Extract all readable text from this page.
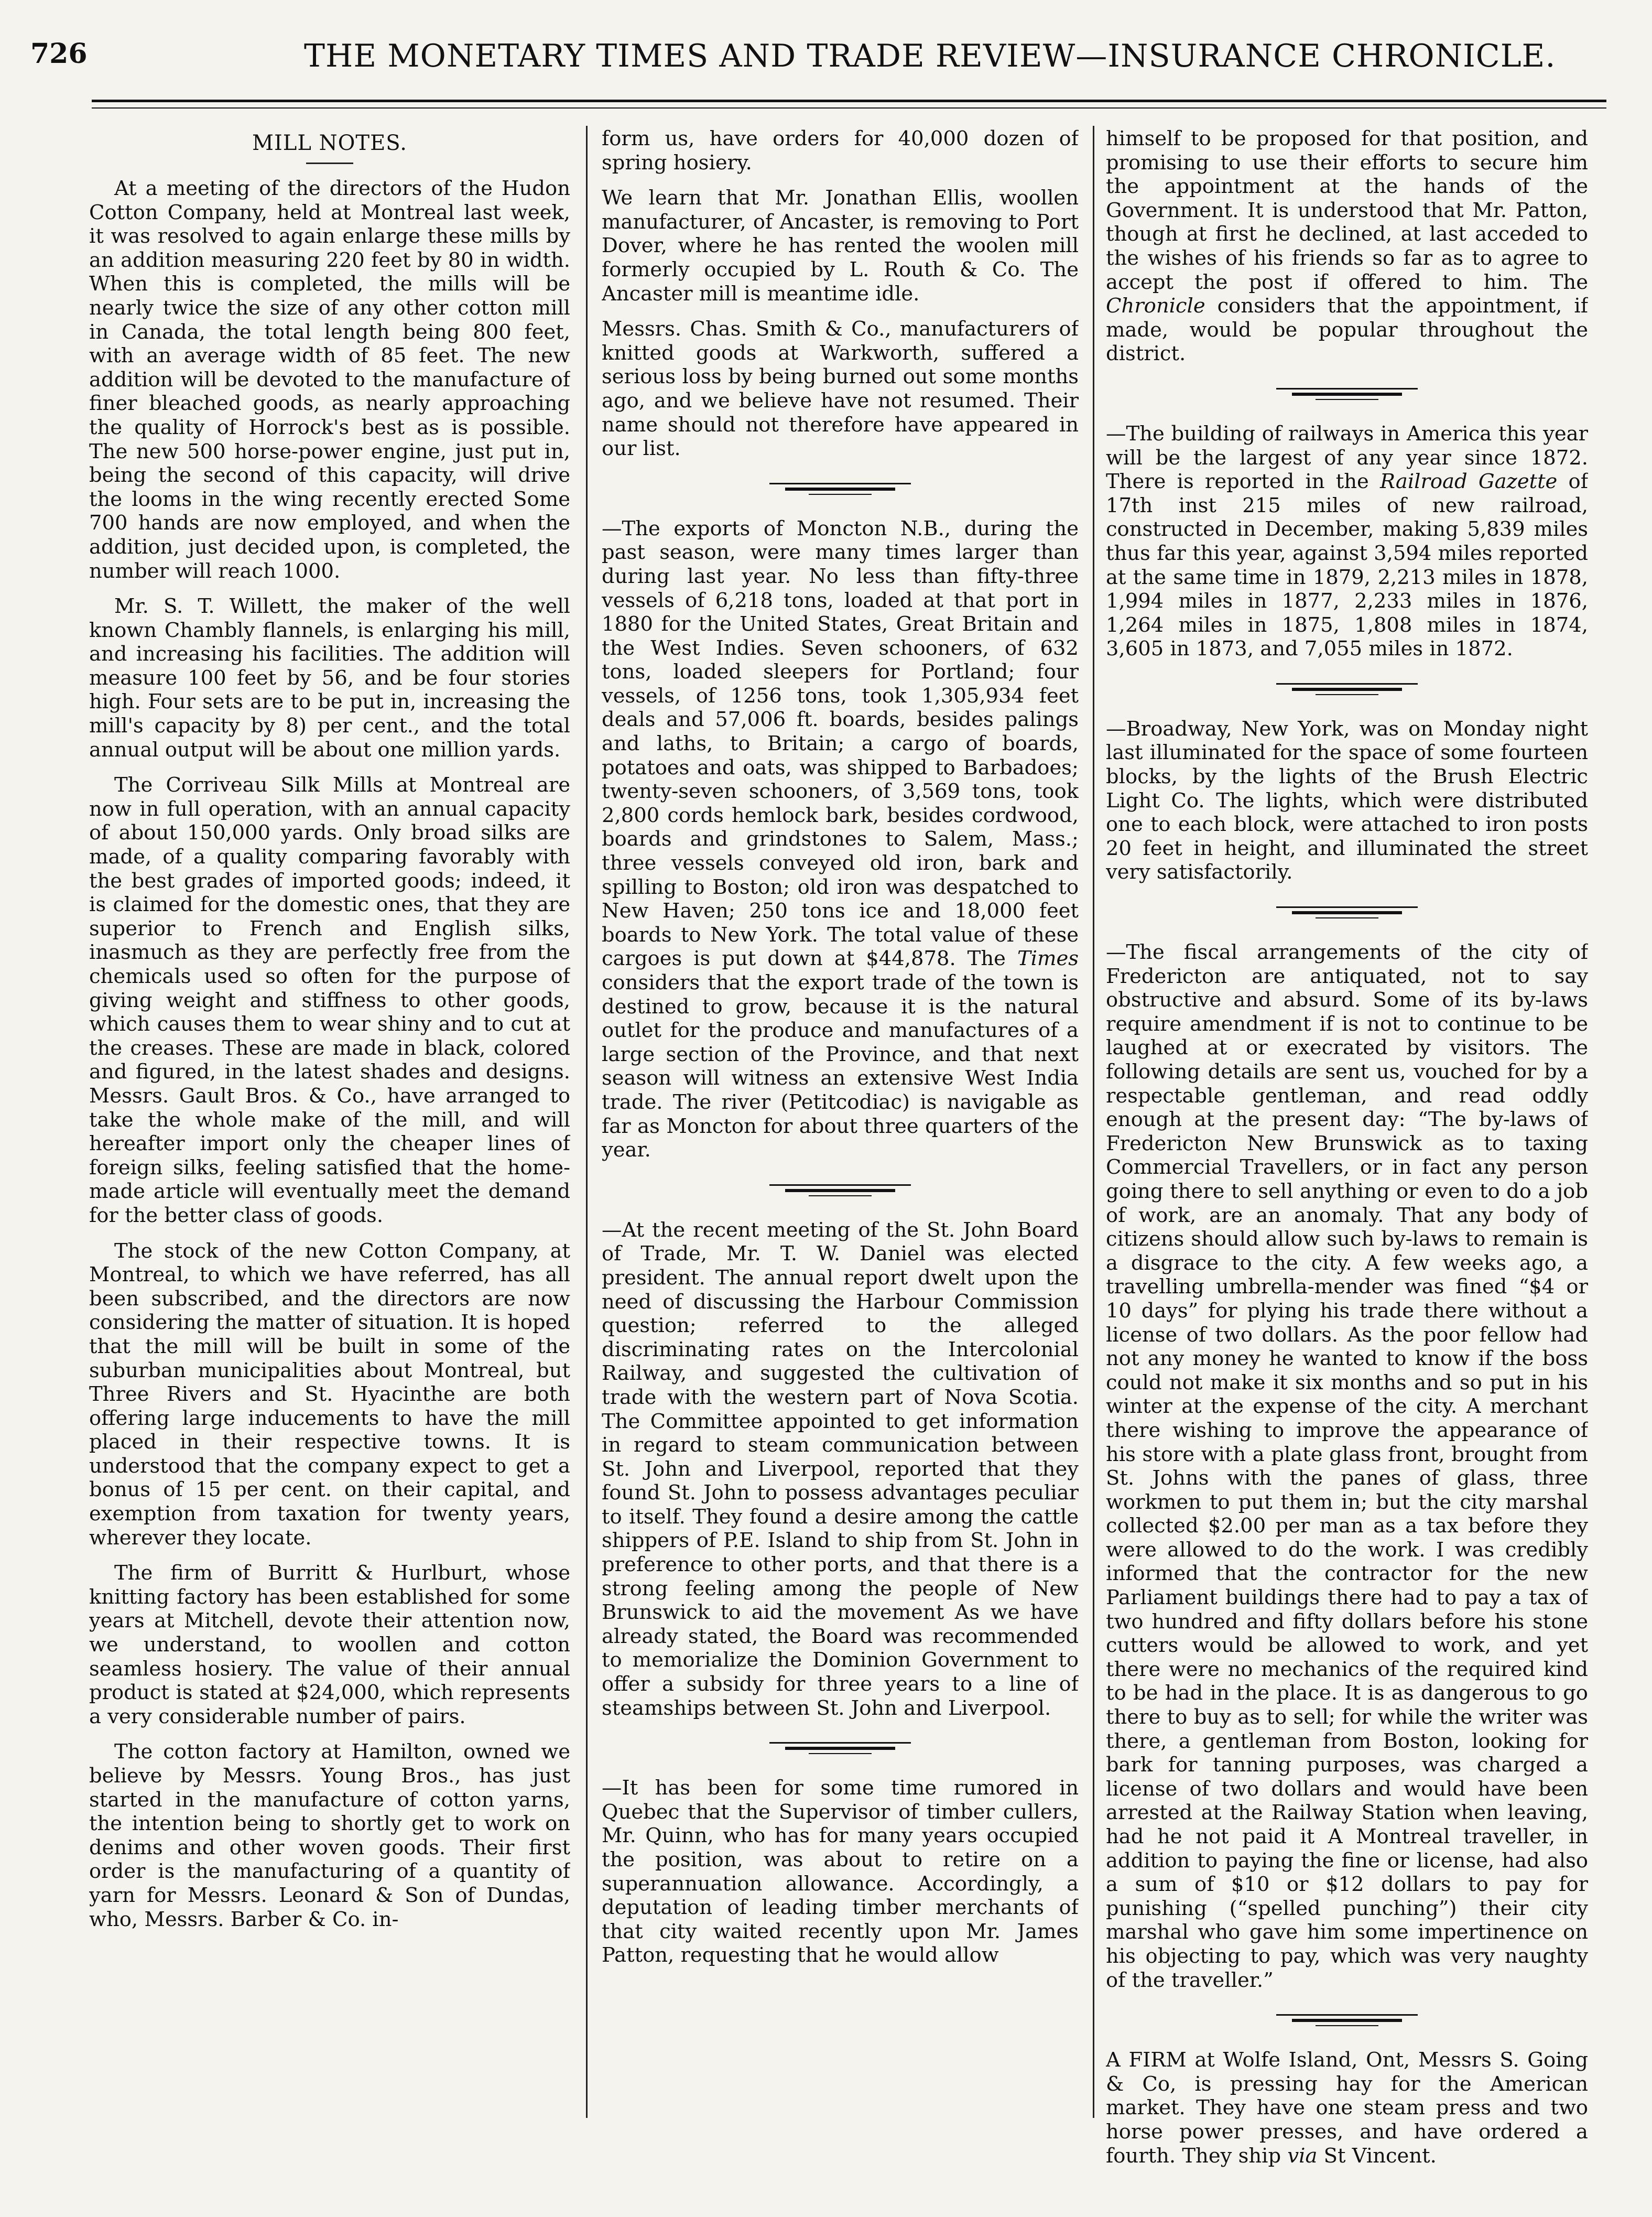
726	THE MONETARY TIMES AND TRADE REVIEW—INSURANCE CHRONICLE.
MILL NOTES.

At a meeting of the directors of the Hudon Cotton Company, held at Montreal last week, it was resolved to again enlarge these mills by an addition measuring 220 feet by 80 in width. When this is completed, the mills will be nearly twice the size of any other cotton mill in Canada, the total length being 800 feet, with an average width of 85 feet. The new addition will be devoted to the manufacture of finer bleached goods, as nearly approaching the quality of Horrock's best as is possible. The new 500 horse-power engine, just put in, being the second of this capacity, will drive the looms in the wing recently erected Some 700 hands are now employed, and when the addition, just decided upon, is completed, the number will reach 1000.

Mr. S. T. Willett, the maker of the well known Chambly flannels, is enlarging his mill, and increasing his facilities. The addition will measure 100 feet by 56, and be four stories high. Four sets are to be put in, increasing the mill's capacity by 8) per cent., and the total annual output will be about one million yards.

The Corriveau Silk Mills at Montreal are now in full operation, with an annual capacity of about 150,000 yards. Only broad silks are made, of a quality comparing favorably with the best grades of imported goods; indeed, it is claimed for the domestic ones, that they are superior to French and English silks, inasmuch as they are perfectly free from the chemicals used so often for the purpose of giving weight and stiffness to other goods, which causes them to wear shiny and to cut at the creases. These are made in black, colored and figured, in the latest shades and designs. Messrs. Gault Bros. & Co., have arranged to take the whole make of the mill, and will hereafter import only the cheaper lines of foreign silks, feeling satisfied that the home-made article will eventually meet the demand for the better class of goods.

The stock of the new Cotton Company, at Montreal, to which we have referred, has all been subscribed, and the directors are now considering the matter of situation. It is hoped that the mill will be built in some of the suburban municipalities about Montreal, but Three Rivers and St. Hyacinthe are both offering large inducements to have the mill placed in their respective towns. It is understood that the company expect to get a bonus of 15 per cent. on their capital, and exemption from taxation for twenty years, wherever they locate.

The firm of Burritt & Hurlburt, whose knitting factory has been established for some years at Mitchell, devote their attention now, we understand, to woollen and cotton seamless hosiery. The value of their annual product is stated at $24,000, which represents a very considerable number of pairs.

The cotton factory at Hamilton, owned we believe by Messrs. Young Bros., has just started in the manufacture of cotton yarns, the intention being to shortly get to work on denims and other woven goods. Their first order is the manufacturing of a quantity of yarn for Messrs. Leonard & Son of Dundas, who, Messrs. Barber & Co. in-

form us, have orders for 40,000 dozen of spring hosiery.

We learn that Mr. Jonathan Ellis, woollen manufacturer, of Ancaster, is removing to Port Dover, where he has rented the woolen mill formerly occupied by L. Routh & Co. The Ancaster mill is meantime idle.

Messrs. Chas. Smith & Co., manufacturers of knitted goods at Warkworth, suffered a serious loss by being burned out some months ago, and we believe have not resumed. Their name should not therefore have appeared in our list.

—The exports of Moncton N.B., during the past season, were many times larger than during last year. No less than fifty-three vessels of 6,218 tons, loaded at that port in 1880 for the United States, Great Britain and the West Indies. Seven schooners, of 632 tons, loaded sleepers for Portland; four vessels, of 1256 tons, took 1,305,934 feet deals and 57,006 ft. boards, besides palings and laths, to Britain; a cargo of boards, potatoes and oats, was shipped to Barbadoes; twenty-seven schooners, of 3,569 tons, took 2,800 cords hemlock bark, besides cordwood, boards and grindstones to Salem, Mass.; three vessels conveyed old iron, bark and spilling to Boston; old iron was despatched to New Haven; 250 tons ice and 18,000 feet boards to New York. The total value of these cargoes is put down at $44,878. The Times considers that the export trade of the town is destined to grow, because it is the natural outlet for the produce and manufactures of a large section of the Province, and that next season will witness an extensive West India trade. The river (Petitcodiac) is navigable as far as Moncton for about three quarters of the year.

—At the recent meeting of the St. John Board of Trade, Mr. T. W. Daniel was elected president. The annual report dwelt upon the need of discussing the Harbour Commission question; referred to the alleged discriminating rates on the Intercolonial Railway, and suggested the cultivation of trade with the western part of Nova Scotia. The Committee appointed to get information in regard to steam communication between St. John and Liverpool, reported that they found St. John to possess advantages peculiar to itself. They found a desire among the cattle shippers of P.E. Island to ship from St. John in preference to other ports, and that there is a strong feeling among the people of New Brunswick to aid the movement As we have already stated, the Board was recommended to memorialize the Dominion Government to offer a subsidy for three years to a line of steamships between St. John and Liverpool.

—It has been for some time rumored in Quebec that the Supervisor of timber cullers, Mr. Quinn, who has for many years occupied the position, was about to retire on a superannuation allowance. Accordingly, a deputation of leading timber merchants of that city waited recently upon Mr. James Patton, requesting that he would allow

himself to be proposed for that position, and promising to use their efforts to secure him the appointment at the hands of the Government. It is understood that Mr. Patton, though at first he declined, at last acceded to the wishes of his friends so far as to agree to accept the post if offered to him. The Chronicle considers that the appointment, if made, would be popular throughout the district.

—The building of railways in America this year will be the largest of any year since 1872. There is reported in the Railroad Gazette of 17th inst 215 miles of new railroad, constructed in December, making 5,839 miles thus far this year, against 3,594 miles reported at the same time in 1879, 2,213 miles in 1878, 1,994 miles in 1877, 2,233 miles in 1876, 1,264 miles in 1875, 1,808 miles in 1874, 3,605 in 1873, and 7,055 miles in 1872.

—Broadway, New York, was on Monday night last illuminated for the space of some fourteen blocks, by the lights of the Brush Electric Light Co. The lights, which were distributed one to each block, were attached to iron posts 20 feet in height, and illuminated the street very satisfactorily.

—The fiscal arrangements of the city of Fredericton are antiquated, not to say obstructive and absurd. Some of its by-laws require amendment if is not to continue to be laughed at or execrated by visitors. The following details are sent us, vouched for by a respectable gentleman, and read oddly enough at the present day: “The by-laws of Fredericton New Brunswick as to taxing Commercial Travellers, or in fact any person going there to sell anything or even to do a job of work, are an anomaly. That any body of citizens should allow such by-laws to remain is a disgrace to the city. A few weeks ago, a travelling umbrella-mender was fined “$4 or 10 days” for plying his trade there without a license of two dollars. As the poor fellow had not any money he wanted to know if the boss could not make it six months and so put in his winter at the expense of the city. A merchant there wishing to improve the appearance of his store with a plate glass front, brought from St. Johns with the panes of glass, three workmen to put them in; but the city marshal collected $2.00 per man as a tax before they were allowed to do the work. I was credibly informed that the contractor for the new Parliament buildings there had to pay a tax of two hundred and fifty dollars before his stone cutters would be allowed to work, and yet there were no mechanics of the required kind to be had in the place. It is as dangerous to go there to buy as to sell; for while the writer was there, a gentleman from Boston, looking for bark for tanning purposes, was charged a license of two dollars and would have been arrested at the Railway Station when leaving, had he not paid it A Montreal traveller, in addition to paying the fine or license, had also a sum of $10 or $12 dollars to pay for punishing (“spelled punching”) their city marshal who gave him some impertinence on his objecting to pay, which was very naughty of the traveller.”

A FIRM at Wolfe Island, Ont, Messrs S. Going & Co, is pressing hay for the American market. They have one steam press and two horse power presses, and have ordered a fourth. They ship via St Vincent.
